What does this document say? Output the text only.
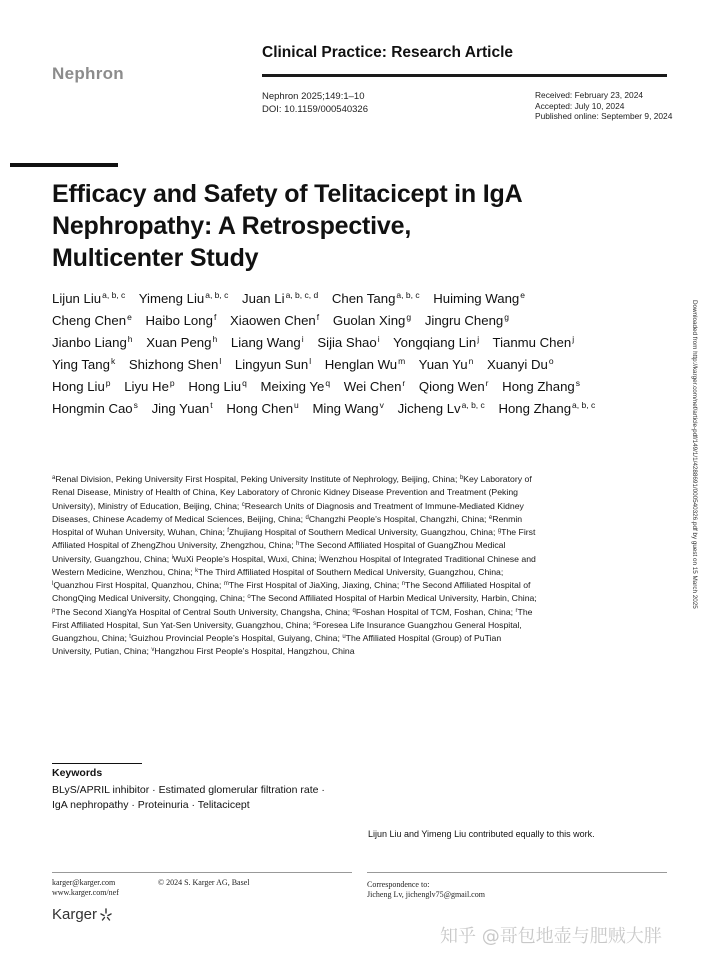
Nephron
Clinical Practice: Research Article
Nephron 2025;149:1–10
DOI: 10.1159/000540326
Received: February 23, 2024
Accepted: July 10, 2024
Published online: September 9, 2024
Efficacy and Safety of Telitacicept in IgA Nephropathy: A Retrospective, Multicenter Study
Lijun Liu$^{a, b, c}$ Yimeng Liu$^{a, b, c}$ Juan Li$^{a, b, c, d}$ Chen Tang$^{a, b, c}$ Huiming Wang$^e$ Cheng Chen$^e$ Haibo Long$^f$ Xiaowen Chen$^f$ Guolan Xing$^g$ Jingru Cheng$^g$ Jianbo Liang$^h$ Xuan Peng$^h$ Liang Wang$^i$ Sijia Shao$^i$ Yongqiang Lin$^j$ Tianmu Chen$^j$ Ying Tang$^k$ Shizhong Shen$^l$ Lingyun Sun$^l$ Henglan Wu$^m$ Yuan Yu$^n$ Xuanyi Du$^o$ Hong Liu$^p$ Liyu He$^p$ Hong Liu$^q$ Meixing Ye$^q$ Wei Chen$^r$ Qiong Wen$^r$ Hong Zhang$^s$ Hongmin Cao$^s$ Jing Yuan$^t$ Hong Chen$^u$ Ming Wang$^v$ Jicheng Lv$^{a, b, c}$ Hong Zhang$^{a, b, c}$
$^a$Renal Division, Peking University First Hospital, Peking University Institute of Nephrology, Beijing, China; $^b$Key Laboratory of Renal Disease, Ministry of Health of China, Key Laboratory of Chronic Kidney Disease Prevention and Treatment (Peking University), Ministry of Education, Beijing, China; $^c$Research Units of Diagnosis and Treatment of Immune-Mediated Kidney Diseases, Chinese Academy of Medical Sciences, Beijing, China; $^d$Changzhi People’s Hospital, Changzhi, China; $^e$Renmin Hospital of Wuhan University, Wuhan, China; $^f$Zhujiang Hospital of Southern Medical University, Guangzhou, China; $^g$The First Affiliated Hospital of ZhengZhou University, Zhengzhou, China; $^h$The Second Affiliated Hospital of GuangZhou Medical University, Guangzhou, China; $^i$WuXi People’s Hospital, Wuxi, China; $^j$Wenzhou Hospital of Integrated Traditional Chinese and Western Medicine, Wenzhou, China; $^k$The Third Affiliated Hospital of Southern Medical University, Guangzhou, China; $^l$Quanzhou First Hospital, Quanzhou, China; $^m$The First Hospital of JiaXing, Jiaxing, China; $^n$The Second Affiliated Hospital of ChongQing Medical University, Chongqing, China; $^o$The Second Affiliated Hospital of Harbin Medical University, Harbin, China; $^p$The Second XiangYa Hospital of Central South University, Changsha, China; $^q$Foshan Hospital of TCM, Foshan, China; $^r$The First Affiliated Hospital, Sun Yat-Sen University, Guangzhou, China; $^s$Foresea Life Insurance Guangzhou General Hospital, Guangzhou, China; $^t$Guizhou Provincial People’s Hospital, Guiyang, China; $^u$The Affiliated Hospital (Group) of PuTian University, Putian, China; $^v$Hangzhou First People’s Hospital, Hangzhou, China
Keywords
BLyS/APRIL inhibitor · Estimated glomerular filtration rate ·
IgA nephropathy · Proteinuria · Telitacicept
Lijun Liu and Yimeng Liu contributed equally to this work.
karger@karger.com
www.karger.com/nef
© 2024 S. Karger AG, Basel	Correspondence to:
Jicheng Lv, jichenglv75@gmail.com
Karger
Downloaded from http://karger.com/nef/article-pdf/149/1/1/4288691/000540326.pdf by guest on 15 March 2025
知乎 @哥包地壶与肥贼大胖
